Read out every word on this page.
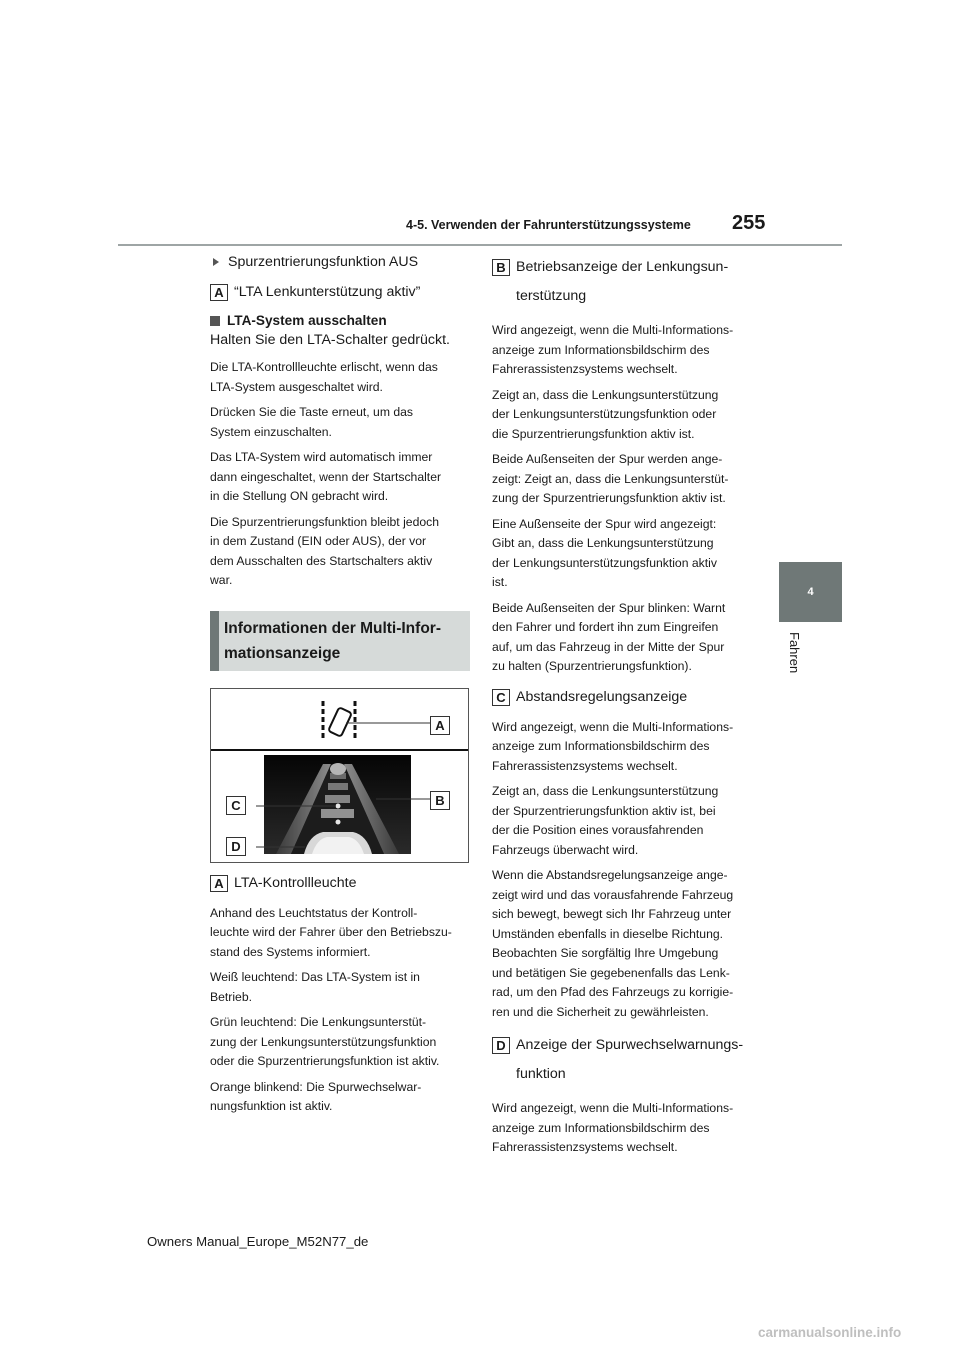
4-5. Verwenden der Fahrunterstützungssysteme 255
4
Fahren
Spurzentrierungsfunktion AUS
A “LTA Lenkunterstützung aktiv”
LTA-System ausschalten

Halten Sie den LTA-Schalter gedrückt.

Die LTA-Kontrollleuchte erlischt, wenn das
LTA-System ausgeschaltet wird.

Drücken Sie die Taste erneut, um das
System einzuschalten.

Das LTA-System wird automatisch immer
dann eingeschaltet, wenn der Startschalter
in die Stellung ON gebracht wird.

Die Spurzentrierungsfunktion bleibt jedoch
in dem Zustand (EIN oder AUS), der vor
dem Ausschalten des Startschalters aktiv
war.

Informationen der Multi-Infor-
mationsanzeige
A
B
C
D
A LTA-Kontrollleuchte

Anhand des Leuchtstatus der Kontroll-
leuchte wird der Fahrer über den Betriebszu-
stand des Systems informiert.

Weiß leuchtend: Das LTA-System ist in
Betrieb.

Grün leuchtend: Die Lenkungsunterstüt-
zung der Lenkungsunterstützungsfunktion
oder die Spurzentrierungsfunktion ist aktiv.

Orange blinkend: Die Spurwechselwar-
nungsfunktion ist aktiv.

B Betriebsanzeige der Lenkungsun-
terstützung

Wird angezeigt, wenn die Multi-Informations-
anzeige zum Informationsbildschirm des
Fahrerassistenzsystems wechselt.

Zeigt an, dass die Lenkungsunterstützung
der Lenkungsunterstützungsfunktion oder
die Spurzentrierungsfunktion aktiv ist.

Beide Außenseiten der Spur werden ange-
zeigt: Zeigt an, dass die Lenkungsunterstüt-
zung der Spurzentrierungsfunktion aktiv ist.

Eine Außenseite der Spur wird angezeigt:
Gibt an, dass die Lenkungsunterstützung
der Lenkungsunterstützungsfunktion aktiv
ist.

Beide Außenseiten der Spur blinken: Warnt
den Fahrer und fordert ihn zum Eingreifen
auf, um das Fahrzeug in der Mitte der Spur
zu halten (Spurzentrierungsfunktion).

C Abstandsregelungsanzeige

Wird angezeigt, wenn die Multi-Informations-
anzeige zum Informationsbildschirm des
Fahrerassistenzsystems wechselt.

Zeigt an, dass die Lenkungsunterstützung
der Spurzentrierungsfunktion aktiv ist, bei
der die Position eines vorausfahrenden
Fahrzeugs überwacht wird.

Wenn die Abstandsregelungsanzeige ange-
zeigt wird und das vorausfahrende Fahrzeug
sich bewegt, bewegt sich Ihr Fahrzeug unter
Umständen ebenfalls in dieselbe Richtung.
Beobachten Sie sorgfältig Ihre Umgebung
und betätigen Sie gegebenenfalls das Lenk-
rad, um den Pfad des Fahrzeugs zu korrigie-
ren und die Sicherheit zu gewährleisten.

D Anzeige der Spurwechselwarnungs-
funktion

Wird angezeigt, wenn die Multi-Informations-
anzeige zum Informationsbildschirm des
Fahrerassistenzsystems wechselt.

Owners Manual_Europe_M52N77_de
carmanualsonline.info
